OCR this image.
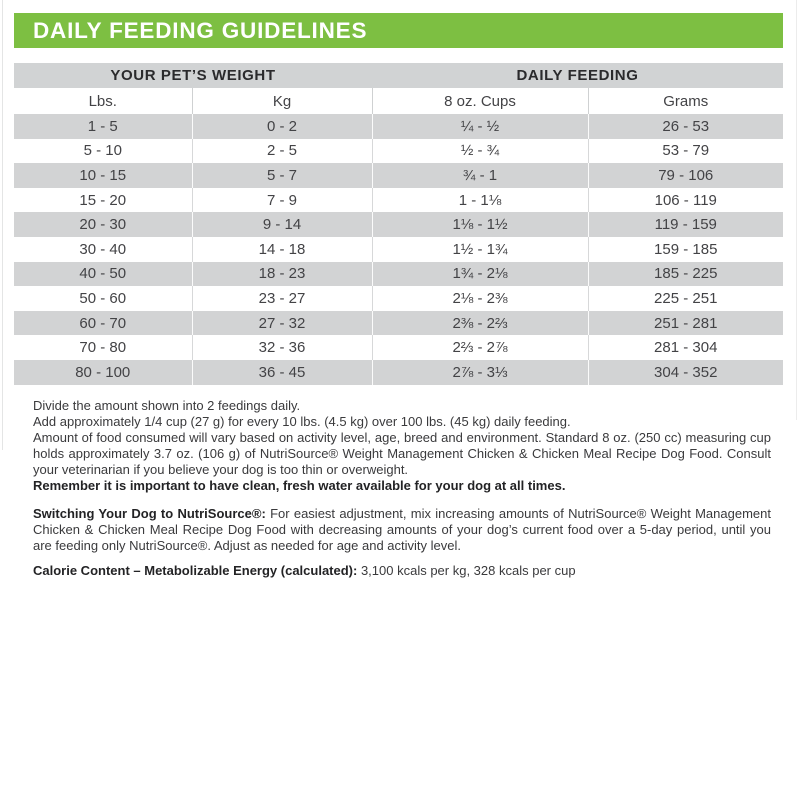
DAILY FEEDING GUIDELINES
YOUR PET’S WEIGHT		DAILY FEEDING	
Lbs.	Kg	8 oz. Cups	Grams
1 - 5	0 - 2	¼ - ½	26 - 53
5 - 10	2 - 5	½ - ¾	53 - 79
10 - 15	5 - 7	¾ - 1	79 - 106
15 - 20	7 - 9	1 - 1⅛	106 - 119
20 - 30	9 - 14	1⅛ - 1½	119 - 159
30 - 40	14 - 18	1½ - 1¾	159 - 185
40 - 50	18 - 23	1¾ - 2⅛	185 - 225
50 - 60	23 - 27	2⅛ - 2⅜	225 - 251
60 - 70	27 - 32	2⅜ - 2⅔	251 - 281
70 - 80	32 - 36	2⅔ - 2⅞	281 - 304
80 - 100	36 - 45	2⅞ - 3⅓	304 - 352

Divide the amount shown into 2 feedings daily.
Add approximately 1/4 cup (27 g) for every 10 lbs. (4.5 kg) over 100 lbs. (45 kg) daily feeding.
Amount of food consumed will vary based on activity level, age, breed and environment. Standard 8 oz. (250 cc) measuring cup holds approximately 3.7 oz. (106 g) of NutriSource® Weight Management Chicken & Chicken Meal Recipe Dog Food. Consult your veterinarian if you believe your dog is too thin or overweight.
Remember it is important to have clean, fresh water available for your dog at all times.

Switching Your Dog to NutriSource®: For easiest adjustment, mix increasing amounts of NutriSource® Weight Management Chicken & Chicken Meal Recipe Dog Food with decreasing amounts of your dog’s current food over a 5-day period, until you are feeding only NutriSource®. Adjust as needed for age and activity level.

Calorie Content – Metabolizable Energy (calculated): 3,100 kcals per kg, 328 kcals per cup
